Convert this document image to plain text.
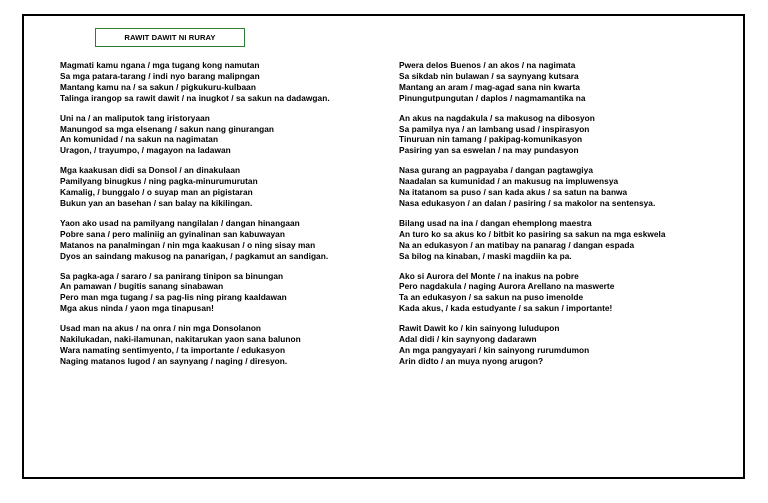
RAWIT DAWIT NI RURAY
Magmati kamu ngana / mga tugang kong namutan
Sa mga patara-tarang / indi nyo barang malipngan
Mantang kamu na / sa sakun / pigkukuru-kulbaan
Talinga irangop sa rawit dawit / na inugkot / sa sakun na dadawgan.
Uni na / an maliputok tang iristoryaan
Manungod sa mga elsenang / sakun nang ginurangan
An komunidad / na sakun na nagimatan
Uragon, / trayumpo, / magayon na ladawan
Mga kaakusan didi sa Donsol / an dinakulaan
Pamilyang binugkus / ning pagka-minurumurutan
Kamalig, / bunggalo / o suyap man an pigistaran
Bukun yan an basehan / san balay na kikilingan.
Yaon ako usad na pamilyang nangilalan / dangan hinangaan
Pobre sana / pero maliniig an gyinalinan san kabuwayan
Matanos na panalmingan / nin mga kaakusan / o ning sisay man
Dyos an saindang makusog na panarigan, / pagkamut an sandigan.
Sa pagka-aga / sararo / sa panirang tinipon sa binungan
An pamawan / bugitis sanang sinabawan
Pero man mga tugang / sa pag-lis ning pirang kaaldawan
Mga akus ninda / yaon mga tinapusan!
Usad man na akus / na onra / nin mga Donsolanon
Nakilukadan, naki-ilamunan, nakitarukan yaon sana balunon
Wara namating sentimyento, / ta importante / edukasyon
Naging matanos lugod / an saynyang / naging / diresyon.
Pwera delos Buenos / an akos / na nagimata
Sa sikdab nin bulawan / sa saynyang kutsara
Mantang an aram / mag-agad sana nin kwarta
Pinungutpungutan / daplos / nagmamantika na
An akus na nagdakula / sa makusog na dibosyon
Sa pamilya nya / an lambang usad / inspirasyon
Tinuruan nin tamang / pakipag-komunikasyon
Pasiring yan sa eswelan / na may pundasyon
Nasa gurang an pagpayaba / dangan pagtawgiya
Naadalan sa kumunidad / an makusug na impluwensya
Na itatanom sa puso / san kada akus / sa satun na banwa
Nasa edukasyon / an dalan / pasiring / sa makolor na sentensya.
Bilang usad na ina / dangan ehemplong maestra
An turo ko sa akus ko / bitbit ko pasiring sa sakun na mga eskwela
Na an edukasyon / an matibay na panarag / dangan espada
Sa bilog na kinaban, / maski magdiin ka pa.
Ako si Aurora del Monte / na inakus na pobre
Pero nagdakula / naging Aurora Arellano na maswerte
Ta an edukasyon / sa sakun na puso imenolde
Kada akus, / kada estudyante / sa sakun / importante!
Rawit Dawit ko / kin sainyong luludupon
Adal didi / kin saynyong dadarawn
An mga pangyayari / kin sainyong rurumdumon
Arin didto / an muya nyong arugon?
